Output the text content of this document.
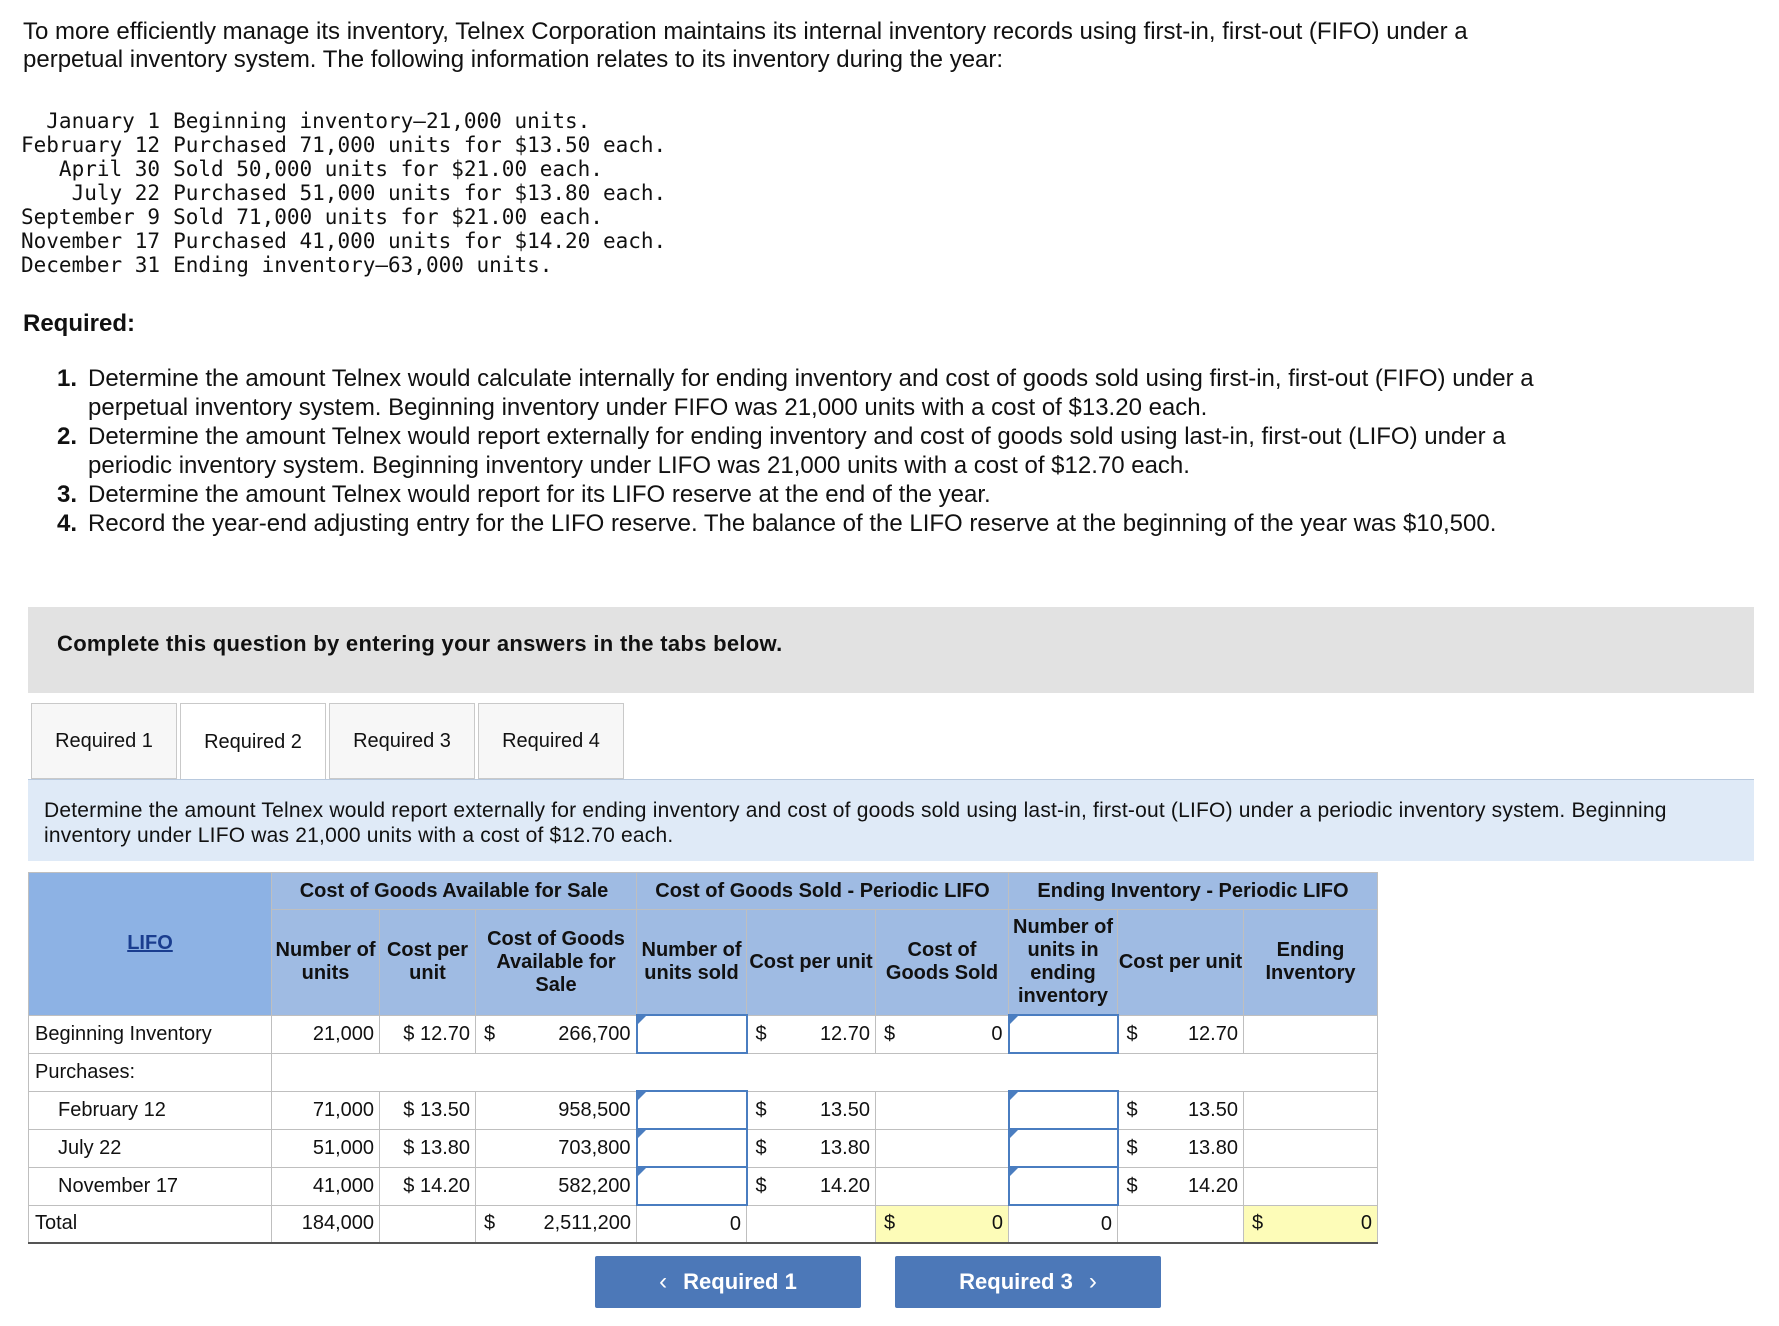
To more efficiently manage its inventory, Telnex Corporation maintains its internal inventory records using first-in, first-out (FIFO) under a perpetual inventory system. The following information relates to its inventory during the year:
January 1	Beginning inventory—21,000 units.
February 12	Purchased 71,000 units for $13.50 each.
April 30	Sold 50,000 units for $21.00 each.
July 22	Purchased 51,000 units for $13.80 each.
September 9	Sold 71,000 units for $21.00 each.
November 17	Purchased 41,000 units for $14.20 each.
December 31	Ending inventory—63,000 units.
Required:
1. Determine the amount Telnex would calculate internally for ending inventory and cost of goods sold using first-in, first-out (FIFO) under a perpetual inventory system. Beginning inventory under FIFO was 21,000 units with a cost of $13.20 each.
2. Determine the amount Telnex would report externally for ending inventory and cost of goods sold using last-in, first-out (LIFO) under a periodic inventory system. Beginning inventory under LIFO was 21,000 units with a cost of $12.70 each.
3. Determine the amount Telnex would report for its LIFO reserve at the end of the year.
4. Record the year-end adjusting entry for the LIFO reserve. The balance of the LIFO reserve at the beginning of the year was $10,500.
Complete this question by entering your answers in the tabs below.
Required 1	Required 2	Required 3	Required 4
Determine the amount Telnex would report externally for ending inventory and cost of goods sold using last-in, first-out (LIFO) under a periodic inventory system. Beginning inventory under LIFO was 21,000 units with a cost of $12.70 each.
LIFO	Cost of Goods Available for Sale			Cost of Goods Sold - Periodic LIFO			Ending Inventory - Periodic LIFO		
	Number of units	Cost per unit	Cost of Goods Available for Sale	Number of units sold	Cost per unit	Cost of Goods Sold	Number of units in ending inventory	Cost per unit	Ending Inventory
Beginning Inventory	21,000	$ 12.70	$ 266,700		$ 12.70	$ 0		$ 12.70	

Purchases:									
February 12	71,000	$ 13.50	958,500		$ 13.50			$ 13.50	

July 22	51,000	$ 13.80	703,800		$ 13.80			$ 13.80	

November 17	41,000	$ 14.20	582,200		$ 14.20			$ 14.20	

Total	184,000		$ 2,511,200	0		$ 0	0		$ 0
‹ Required 1	Required 3 ›
